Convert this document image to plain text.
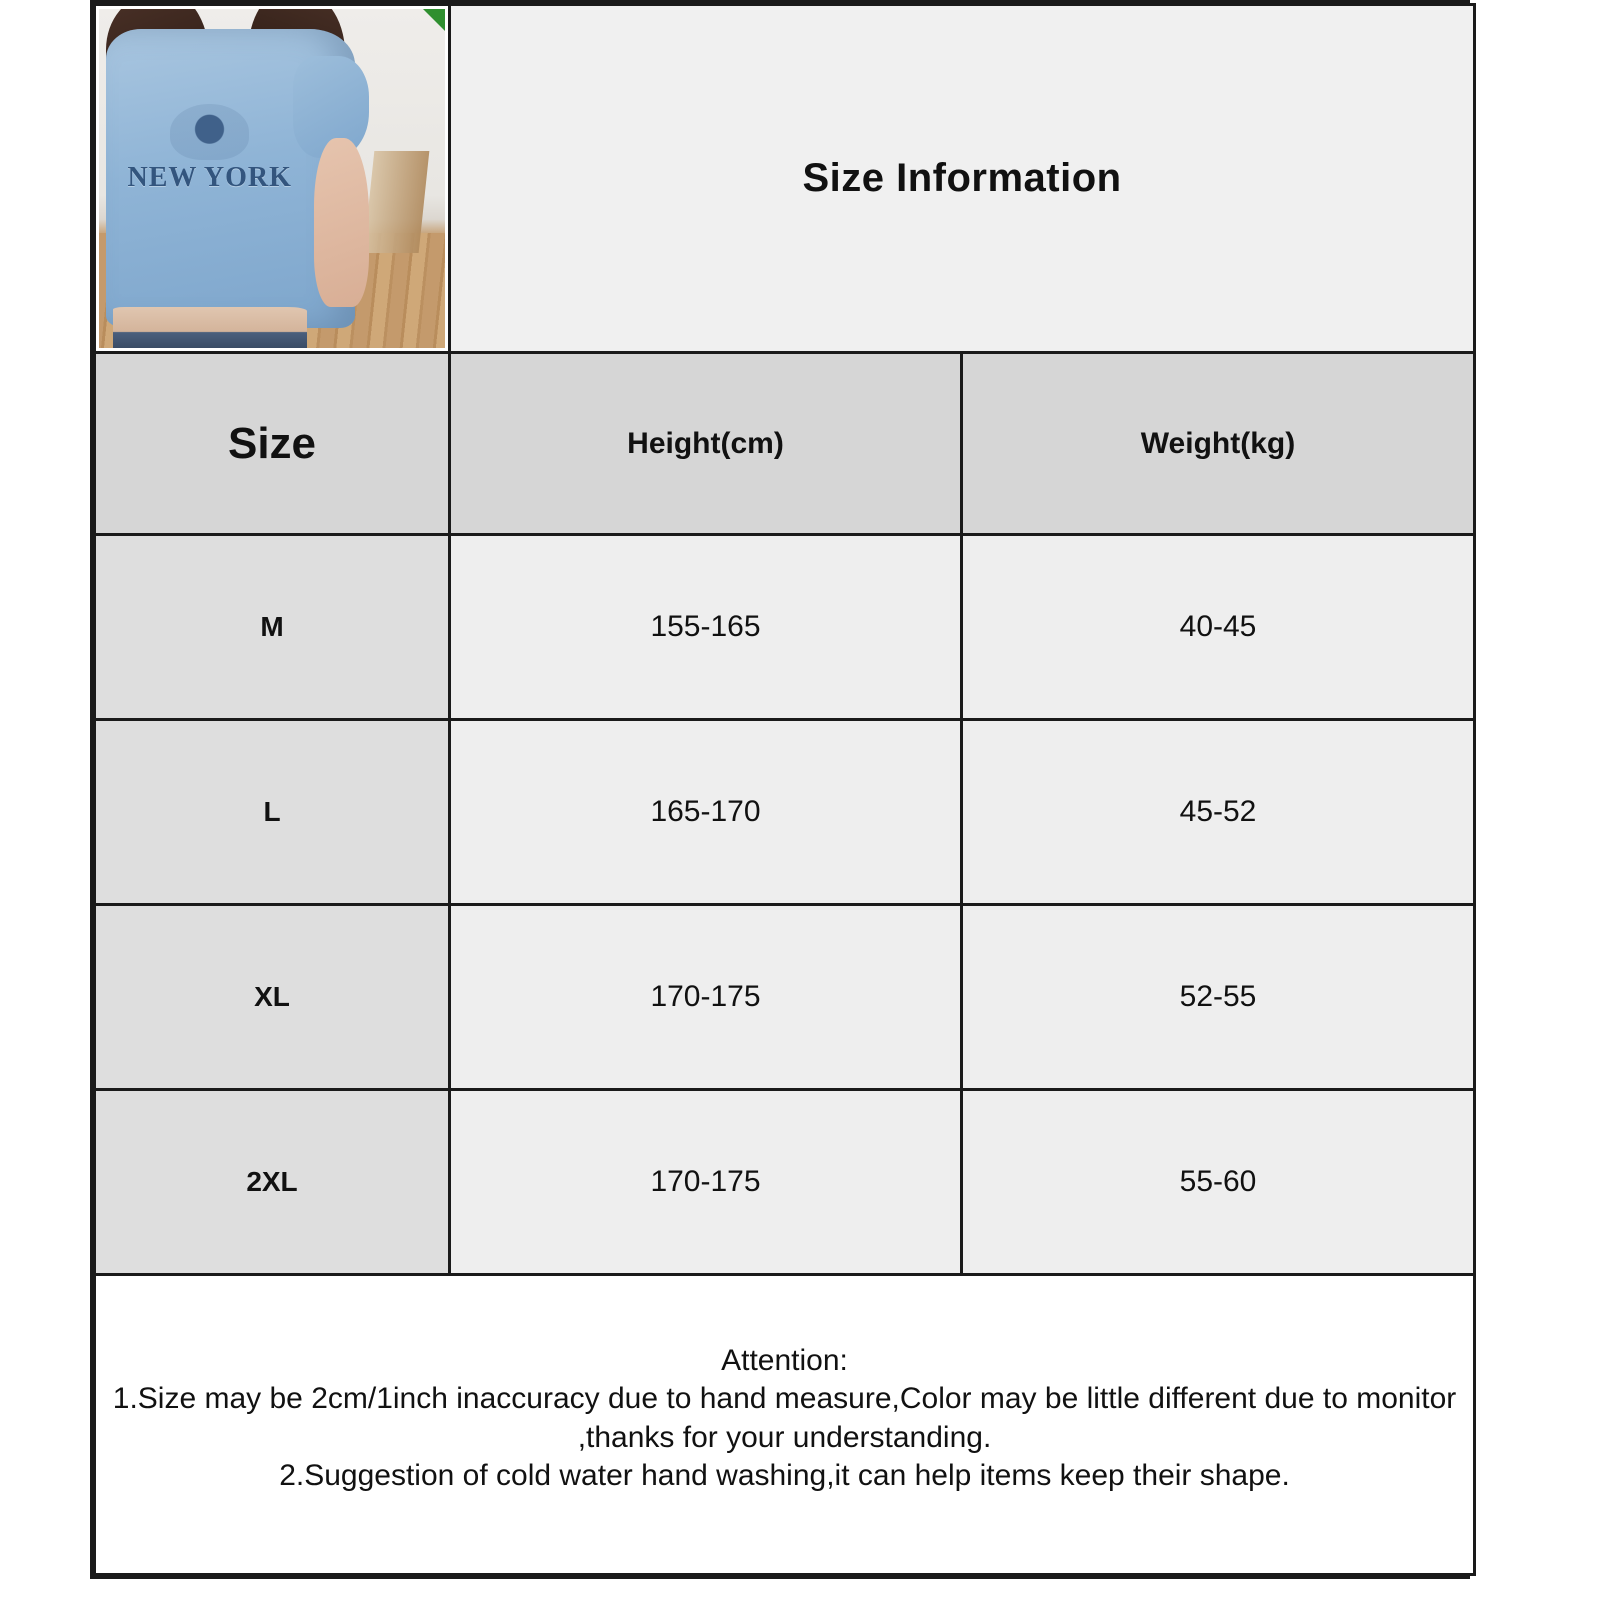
NEW YORK	Size Information	
Size	Height(cm)	Weight(kg)
M	155-165	40-45
L	165-170	45-52
XL	170-175	52-55
2XL	170-175	55-60

Attention:

1.Size may be 2cm/1inch inaccuracy due to hand measure,Color may be little different due to monitor ,thanks for your understanding.

2.Suggestion of cold water hand washing,it can help items keep their shape.		
